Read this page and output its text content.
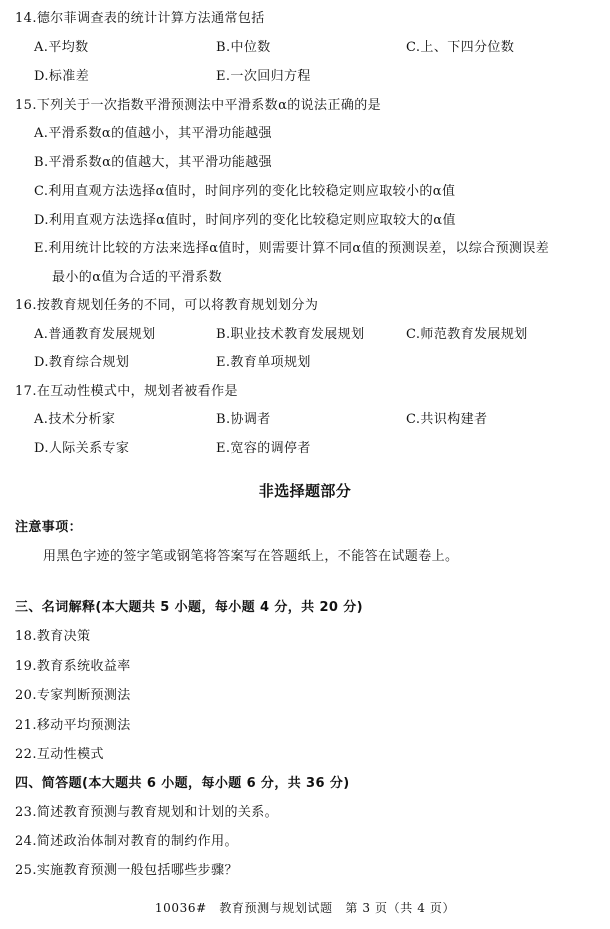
14.德尔菲调查表的统计计算方法通常包括
A.平均数	B.中位数	C.上、下四分位数
D.标准差	E.一次回归方程
15.下列关于一次指数平滑预测法中平滑系数α的说法正确的是
A.平滑系数α的值越小，其平滑功能越强
B.平滑系数α的值越大，其平滑功能越强
C.利用直观方法选择α值时，时间序列的变化比较稳定则应取较小的α值
D.利用直观方法选择α值时，时间序列的变化比较稳定则应取较大的α值
E.利用统计比较的方法来选择α值时，则需要计算不同α值的预测误差，以综合预测误差
最小的α值为合适的平滑系数
16.按教育规划任务的不同，可以将教育规划划分为
A.普通教育发展规划	B.职业技术教育发展规划	C.师范教育发展规划
D.教育综合规划	E.教育单项规划
17.在互动性模式中，规划者被看作是
A.技术分析家	B.协调者	C.共识构建者
D.人际关系专家	E.宽容的调停者
非选择题部分
注意事项：
用黑色字迹的签字笔或钢笔将答案写在答题纸上，不能答在试题卷上。
三、名词解释(本大题共 5 小题，每小题 4 分，共 20 分)
18.教育决策
19.教育系统收益率
20.专家判断预测法
21.移动平均预测法
22.互动性模式
四、简答题(本大题共 6 小题，每小题 6 分，共 36 分)
23.简述教育预测与教育规划和计划的关系。
24.简述政治体制对教育的制约作用。
25.实施教育预测一般包括哪些步骤？
10036#　教育预测与规划试题　第 3 页（共 4 页）
